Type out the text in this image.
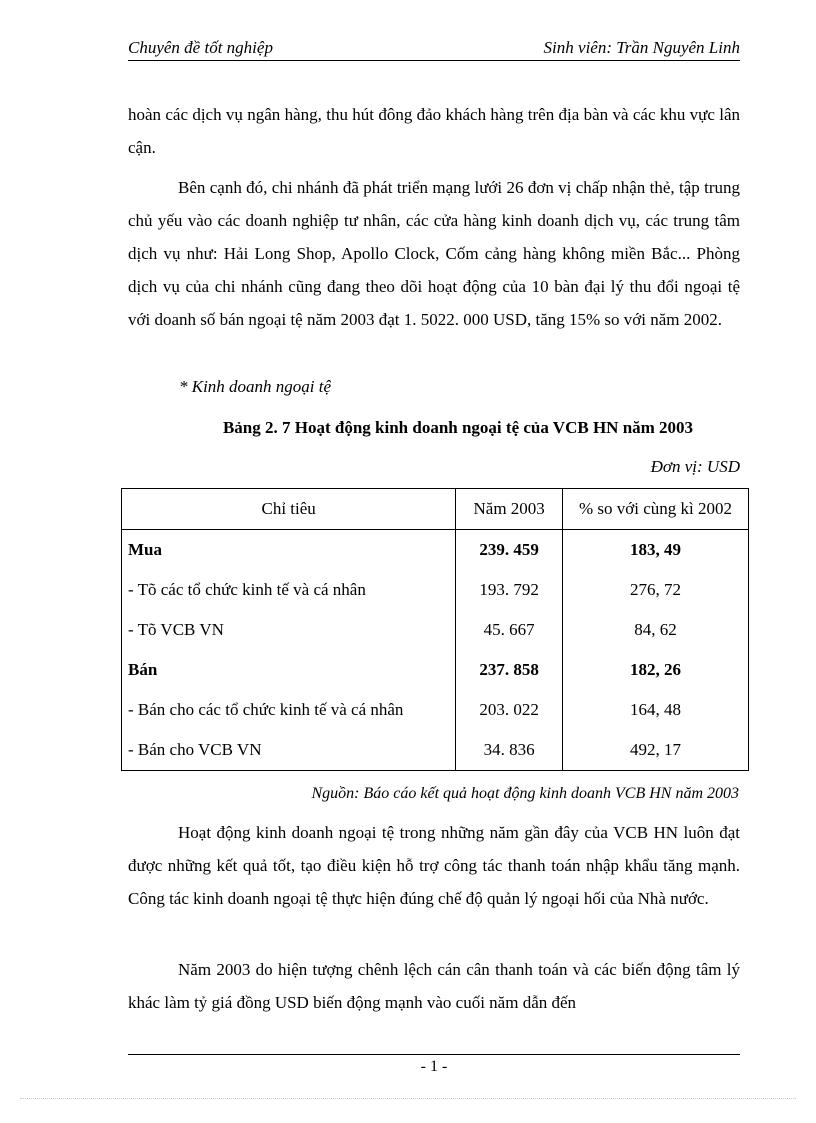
Chuyên đề tốt nghiệp	Sinh viên: Trần Nguyên Linh

hoàn các dịch vụ ngân hàng, thu hút đông đảo khách hàng trên địa bàn và các khu vực lân cận.

Bên cạnh đó, chi nhánh đã phát triển mạng lưới 26 đơn vị chấp nhận thẻ, tập trung chủ yếu vào các doanh nghiệp tư nhân, các cửa hàng kinh doanh dịch vụ, các trung tâm dịch vụ như: Hải Long Shop, Apollo Clock, Cốm cảng hàng không miền Bắc... Phòng dịch vụ của chi nhánh cũng đang theo dõi hoạt động của 10 bàn đại lý thu đổi ngoại tệ với doanh số bán ngoại tệ năm 2003 đạt 1. 5022. 000 USD, tăng 15% so với năm 2002.

* Kinh doanh ngoại tệ
Bảng 2. 7 Hoạt động kinh doanh ngoại tệ của VCB HN năm 2003
Đơn vị: USD
Chỉ tiêu	Năm 2003	% so với cùng kì 2002
Mua	239. 459	183, 49
- Tõ các tổ chức kinh tế và cá nhân	193. 792	276, 72
- Tõ VCB VN	45. 667	84, 62
Bán	237. 858	182, 26
- Bán cho các tổ chức kinh tế và cá nhân	203. 022	164, 48
- Bán cho VCB VN	34. 836	492, 17
Nguồn: Báo cáo kết quả hoạt động kinh doanh VCB HN năm 2003

Hoạt động kinh doanh ngoại tệ trong những năm gần đây của VCB HN luôn đạt được những kết quả tốt, tạo điều kiện hỗ trợ công tác thanh toán nhập khẩu tăng mạnh. Công tác kinh doanh ngoại tệ thực hiện đúng chế độ quản lý ngoại hối của Nhà nước.

Năm 2003 do hiện tượng chênh lệch cán cân thanh toán và các biến động tâm lý khác làm tỷ giá đồng USD biến động mạnh vào cuối năm dẫn đến

- 1 -
